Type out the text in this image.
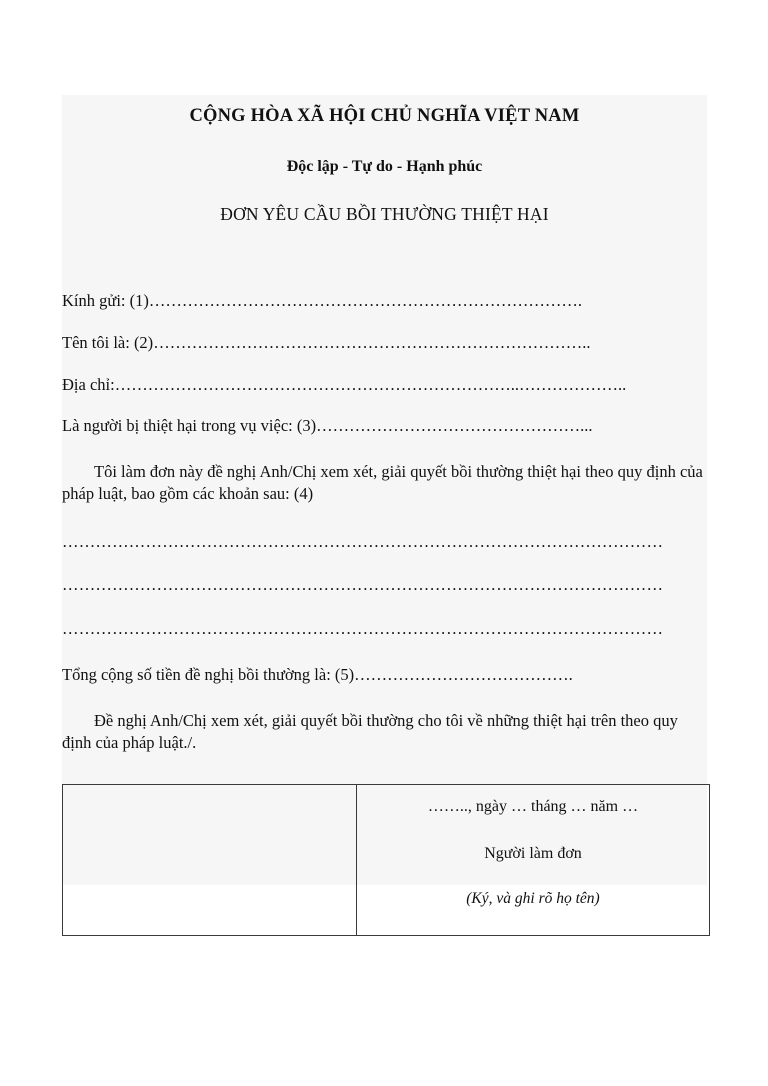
CỘNG HÒA XÃ HỘI CHỦ NGHĨA VIỆT NAM

Độc lập - Tự do - Hạnh phúc

ĐƠN YÊU CẦU BỒI THƯỜNG THIỆT HẠI

Kính gửi: (1)…………………………………………………………………….

Tên tôi là: (2)……………………………………………………………………..

Địa chỉ:………………………………………………………………..………………..

Là người bị thiệt hại trong vụ việc: (3)…………………………………………...

Tôi làm đơn này đề nghị Anh/Chị xem xét, giải quyết bồi thường thiệt hại theo quy định của pháp luật, bao gồm các khoản sau: (4)

………………………………………………………………………………………………

………………………………………………………………………………………………

………………………………………………………………………………………………

Tổng cộng số tiền đề nghị bồi thường là: (5)………………………………….

Đề nghị Anh/Chị xem xét, giải quyết bồi thường cho tôi về những thiệt hại trên theo quy định của pháp luật./.

…….., ngày … tháng … năm …

Người làm đơn

(Ký, và ghi rõ họ tên)
